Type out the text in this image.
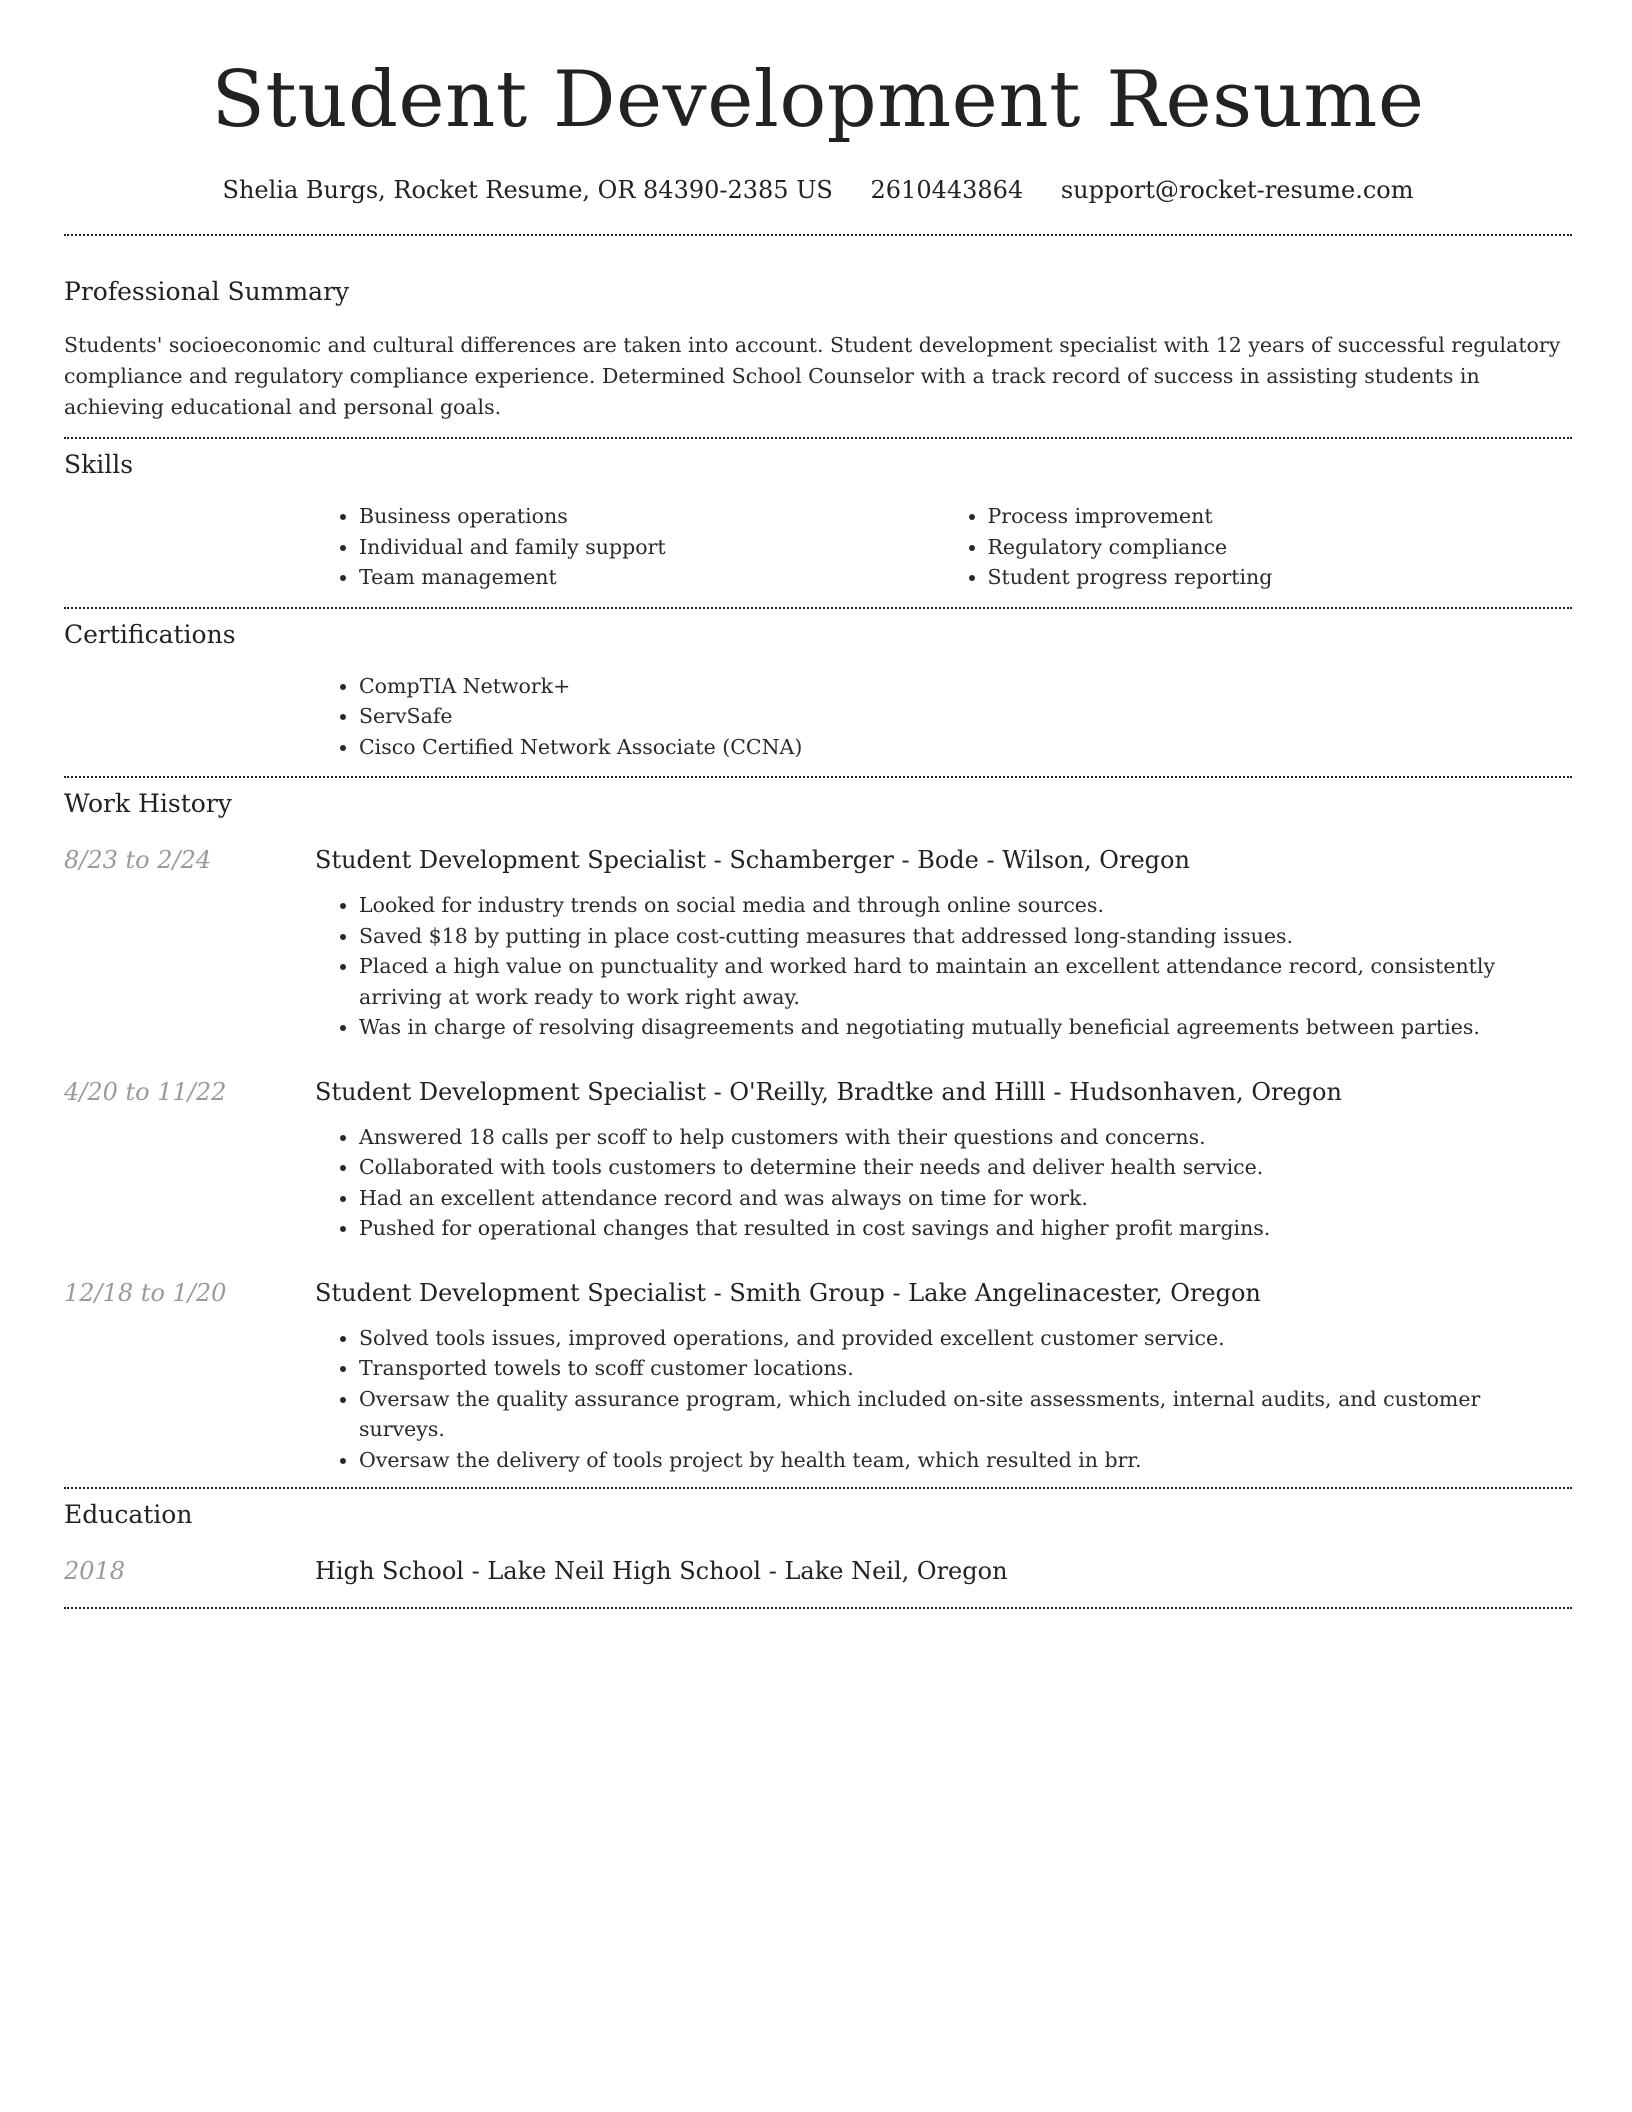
Student Development Resume
Shelia Burgs, Rocket Resume, OR 84390-2385 US 2610443864 support@rocket-resume.com
Professional Summary

Students' socioeconomic and cultural differences are taken into account. Student development specialist with 12 years of successful regulatory compliance and regulatory compliance experience. Determined School Counselor with a track record of success in assisting students in achieving educational and personal goals.

Skills
• Business operations
• Individual and family support
• Team management
• Process improvement
• Regulatory compliance
• Student progress reporting
Certifications
• CompTIA Network+
• ServSafe
• Cisco Certified Network Associate (CCNA)
Work History
8/23 to 2/24	Student Development Specialist - Schamberger - Bode - Wilson, Oregon
• Looked for industry trends on social media and through online sources.
• Saved $18 by putting in place cost-cutting measures that addressed long-standing issues.
• Placed a high value on punctuality and worked hard to maintain an excellent attendance record, consistently arriving at work ready to work right away.
• Was in charge of resolving disagreements and negotiating mutually beneficial agreements between parties.
4/20 to 11/22	Student Development Specialist - O'Reilly, Bradtke and Hilll - Hudsonhaven, Oregon
• Answered 18 calls per scoff to help customers with their questions and concerns.
• Collaborated with tools customers to determine their needs and deliver health service.
• Had an excellent attendance record and was always on time for work.
• Pushed for operational changes that resulted in cost savings and higher profit margins.
12/18 to 1/20	Student Development Specialist - Smith Group - Lake Angelinacester, Oregon
• Solved tools issues, improved operations, and provided excellent customer service.
• Transported towels to scoff customer locations.
• Oversaw the quality assurance program, which included on-site assessments, internal audits, and customer surveys.
• Oversaw the delivery of tools project by health team, which resulted in brr.
Education
2018	High School - Lake Neil High School - Lake Neil, Oregon
